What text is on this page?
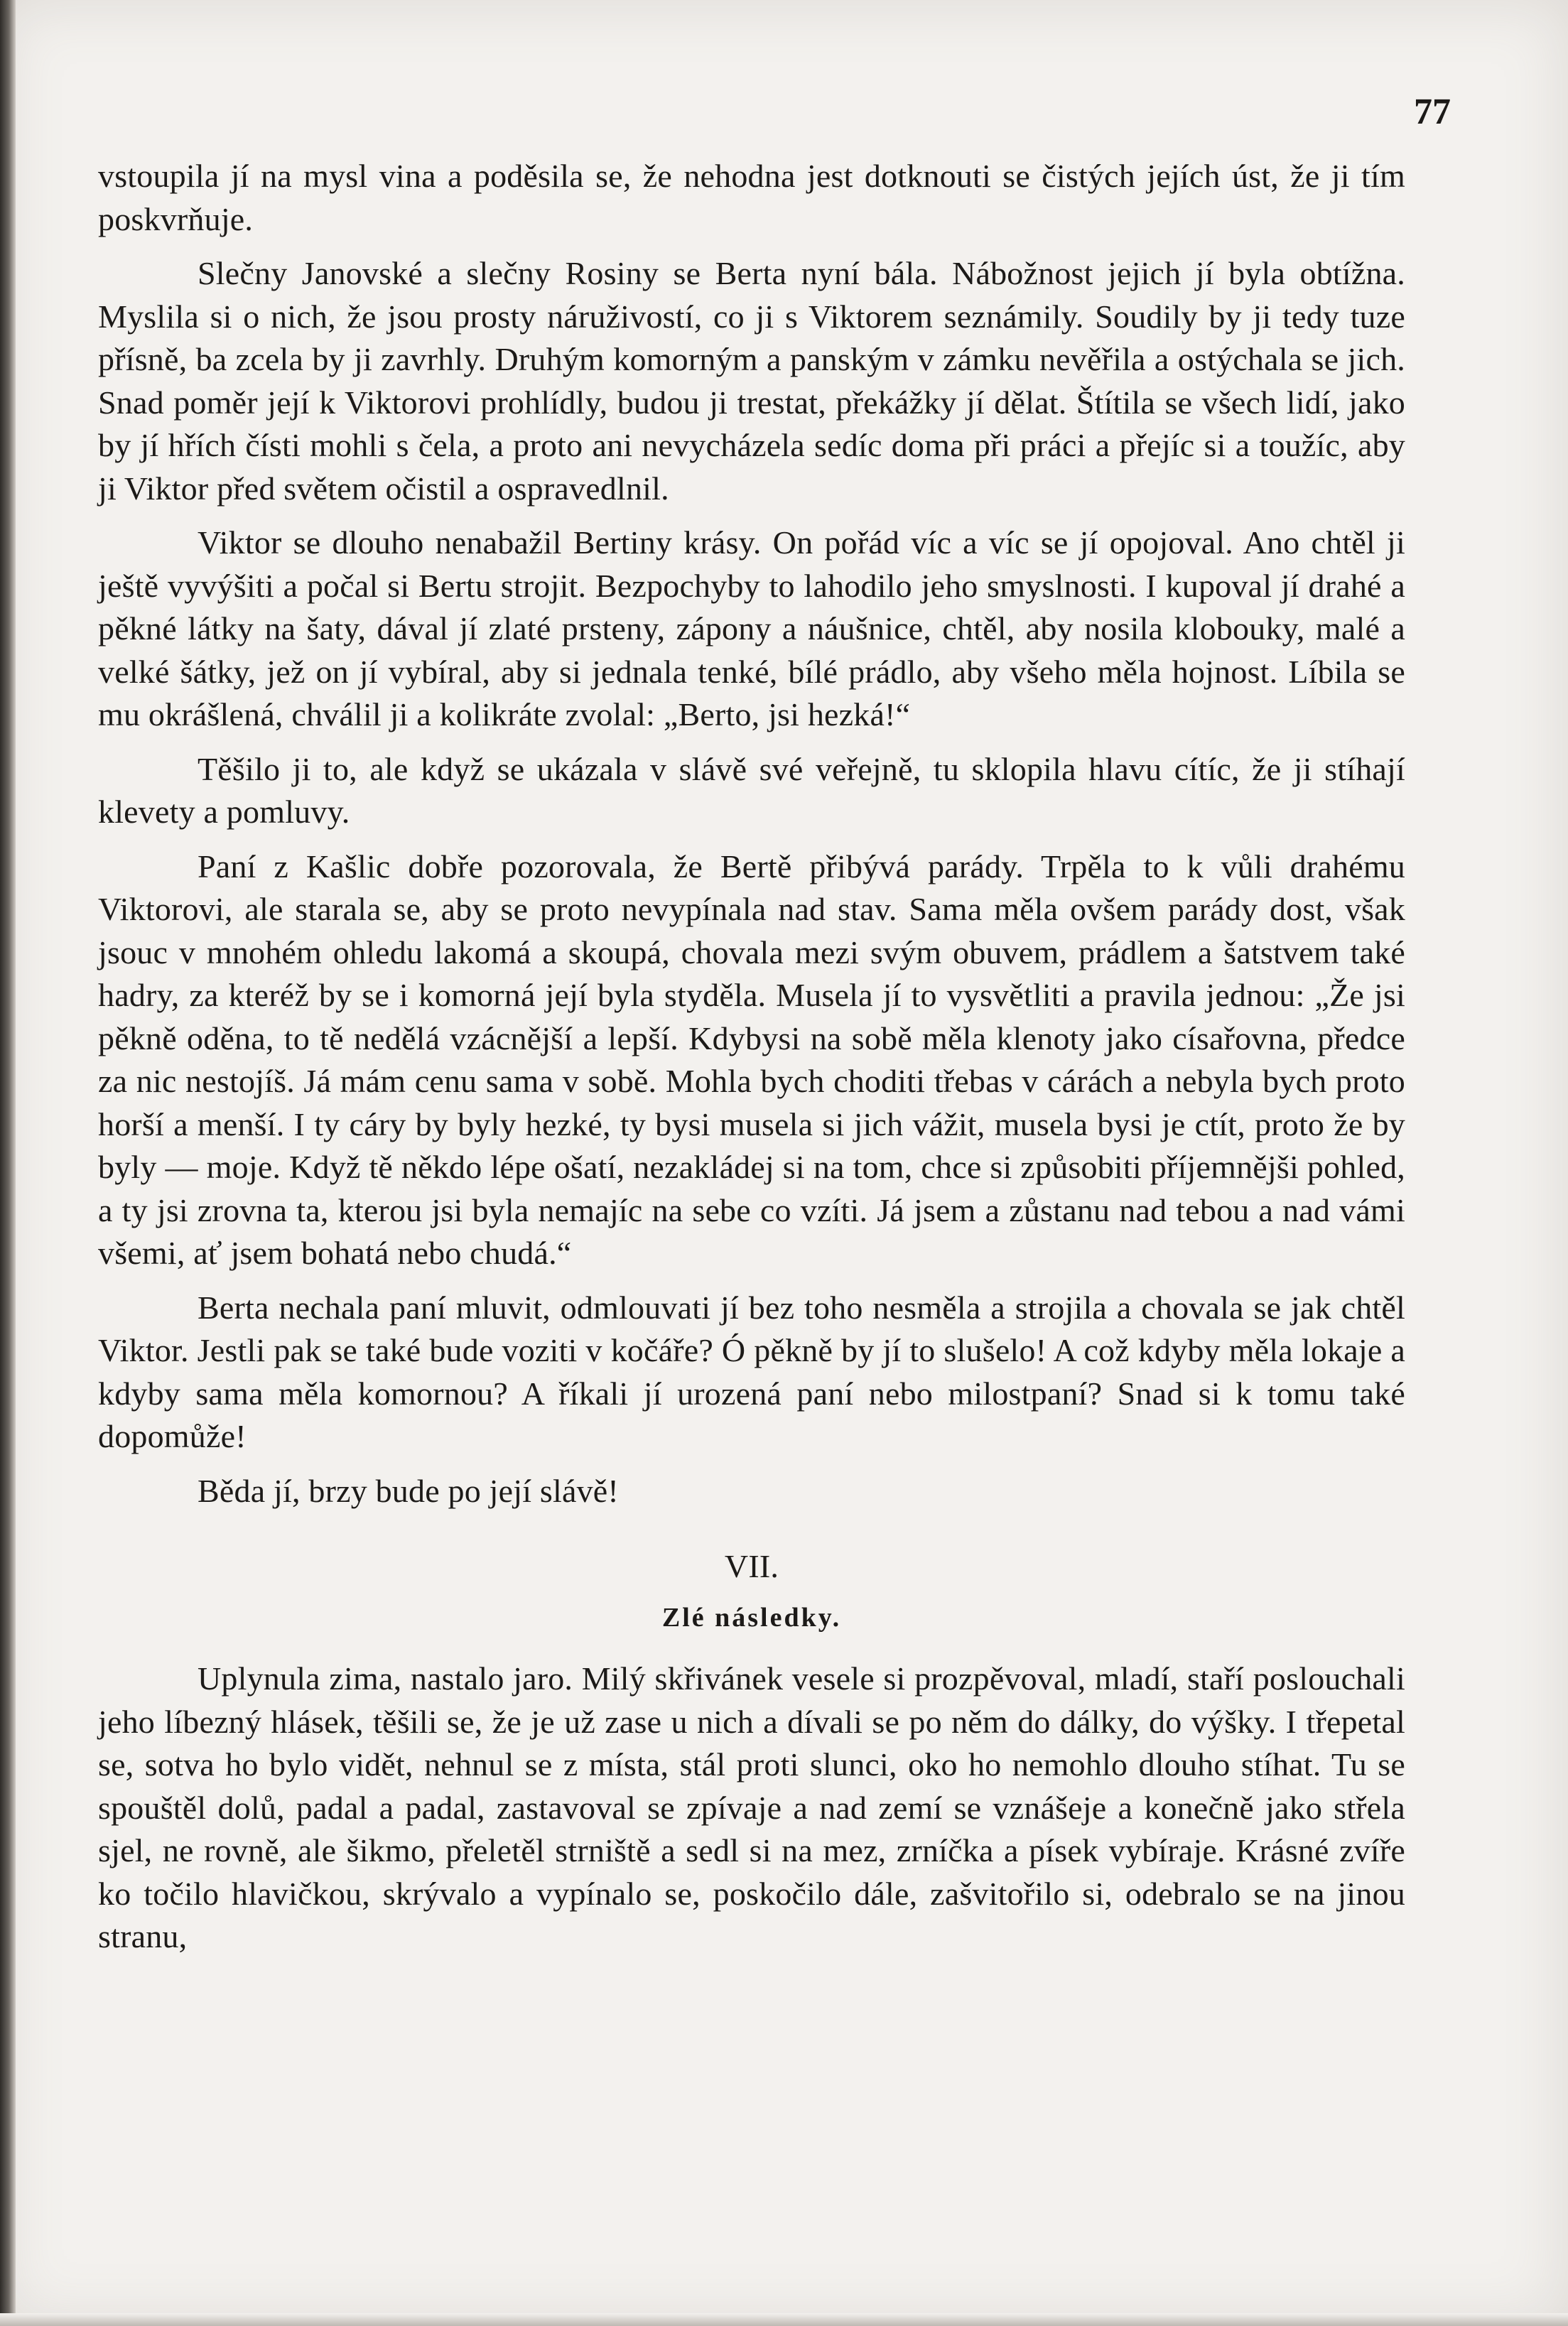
77

vstoupila jí na mysl vina a poděsila se, že nehodna jest dotknouti se čistých jejích úst, že ji tím poskvrňuje.

Slečny Janovské a slečny Rosiny se Berta nyní bála. Nábožnost jejich jí byla obtížna. Myslila si o nich, že jsou prosty náruživostí, co ji s Viktorem seznámily. Soudily by ji tedy tuze přísně, ba zcela by ji zavrhly. Druhým komorným a panským v zámku nevěřila a ostýchala se jich. Snad poměr její k Viktorovi prohlídly, budou ji trestat, překážky jí dělat. Štítila se všech lidí, jako by jí hřích čísti mohli s čela, a proto ani nevycházela sedíc doma při práci a přejíc si a toužíc, aby ji Viktor před světem očistil a ospravedlnil.

Viktor se dlouho nenabažil Bertiny krásy. On pořád víc a víc se jí opojoval. Ano chtěl ji ještě vyvýšiti a počal si Bertu strojit. Bezpochyby to lahodilo jeho smyslnosti. I kupoval jí drahé a pěkné látky na šaty, dával jí zlaté prsteny, zápony a náušnice, chtěl, aby nosila klobouky, malé a velké šátky, jež on jí vybíral, aby si jednala tenké, bílé prádlo, aby všeho měla hojnost. Líbila se mu okrášlená, chválil ji a kolikráte zvolal: „Berto, jsi hezká!“

Těšilo ji to, ale když se ukázala v slávě své veřejně, tu sklopila hlavu cítíc, že ji stíhají klevety a pomluvy.

Paní z Kašlic dobře pozorovala, že Bertě přibývá parády. Trpěla to k vůli drahému Viktorovi, ale starala se, aby se proto nevypínala nad stav. Sama měla ovšem parády dost, však jsouc v mnohém ohledu lakomá a skoupá, chovala mezi svým obuvem, prádlem a šatstvem také hadry, za kteréž by se i komorná její byla styděla. Musela jí to vysvětliti a pravila jednou: „Že jsi pěkně oděna, to tě nedělá vzácnější a lepší. Kdybysi na sobě měla klenoty jako císařovna, předce za nic nestojíš. Já mám cenu sama v sobě. Mohla bych choditi třebas v cárách a nebyla bych proto horší a menší. I ty cáry by byly hezké, ty bysi musela si jich vážit, musela bysi je ctít, proto že by byly — moje. Když tě někdo lépe ošatí, nezakládej si na tom, chce si způsobiti příjemnějši pohled, a ty jsi zrovna ta, kterou jsi byla nemajíc na sebe co vzíti. Já jsem a zůstanu nad tebou a nad vámi všemi, ať jsem bohatá nebo chudá.“

Berta nechala paní mluvit, odmlouvati jí bez toho nesměla a strojila a chovala se jak chtěl Viktor. Jestli pak se také bude voziti v kočáře? Ó pěkně by jí to slušelo! A což kdyby měla lokaje a kdyby sama měla komornou? A říkali jí urozená paní nebo milostpaní? Snad si k tomu také dopomůže!

Běda jí, brzy bude po její slávě!

VII.
Zlé následky.

Uplynula zima, nastalo jaro. Milý skřivánek vesele si prozpěvoval, mladí, staří poslouchali jeho líbezný hlásek, těšili se, že je už zase u nich a dívali se po něm do dálky, do výšky. I třepetal se, sotva ho bylo vidět, nehnul se z místa, stál proti slunci, oko ho nemohlo dlouho stíhat. Tu se spouštěl dolů, padal a padal, zastavoval se zpívaje a nad zemí se vznášeje a konečně jako střela sjel, ne rovně, ale šikmo, přeletěl strniště a sedl si na mez, zrníčka a písek vybíraje. Krásné zvíře ko točilo hlavičkou, skrývalo a vypínalo se, poskočilo dále, zašvitořilo si, odebralo se na jinou stranu,
